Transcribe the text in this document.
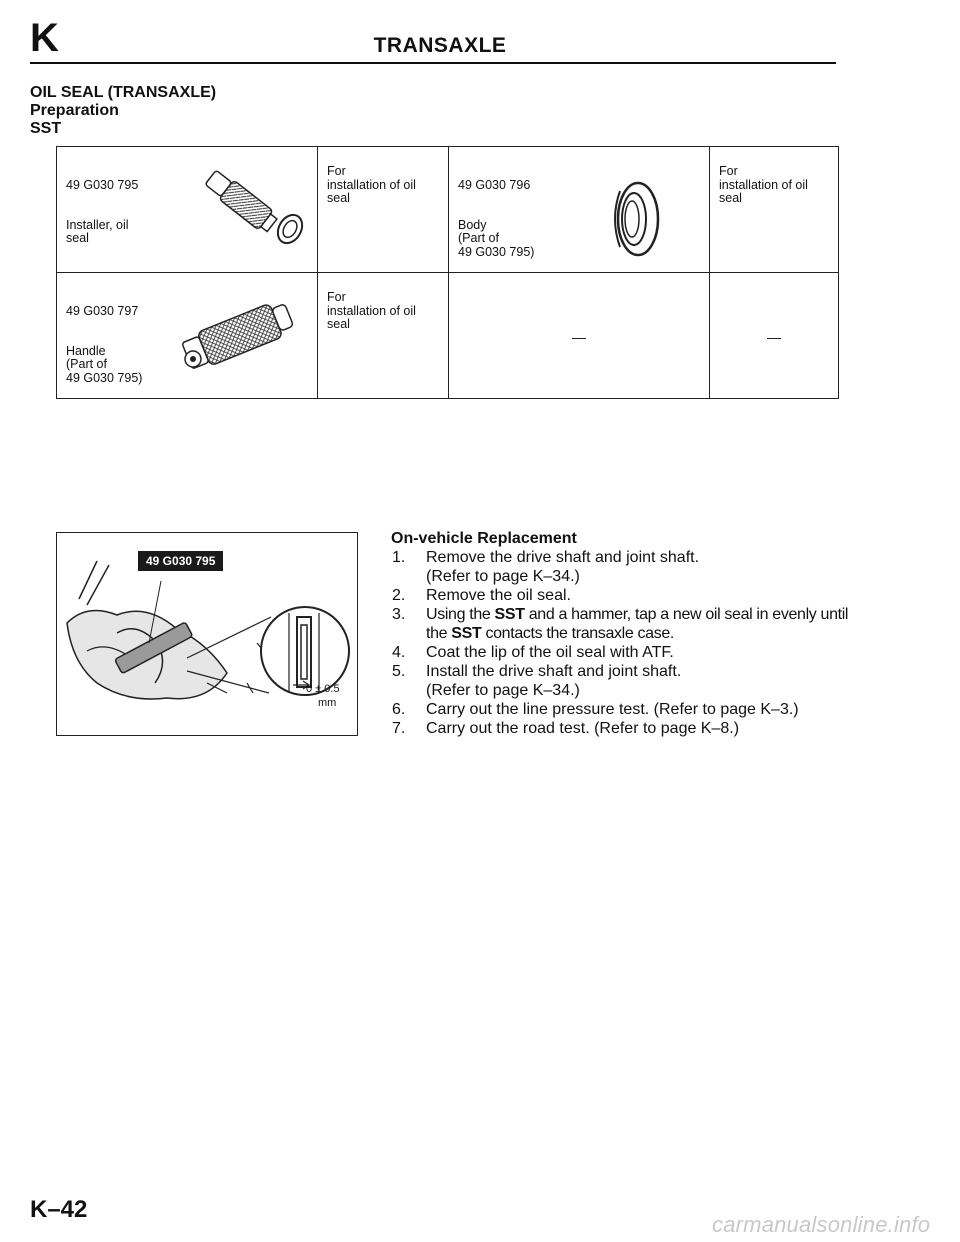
K	TRANSAXLE
OIL SEAL (TRANSAXLE)
Preparation
SST

49 G030 795

Installer, oil
seal	For
installation of oil
seal	49 G030 796

Body
(Part of
49 G030 795)	For
installation of oil
seal

49 G030 797

Handle
(Part of
49 G030 795)	For
installation of oil
seal	—	—
49 G030 795
0 ± 0.5
mm
On-vehicle Replacement
1.	Remove the drive shaft and joint shaft.
(Refer to page K–34.)
2.	Remove the oil seal.
3.	Using the SST and a hammer, tap a new oil seal in evenly until the SST contacts the transaxle case.
4.	Coat the lip of the oil seal with ATF.
5.	Install the drive shaft and joint shaft.
(Refer to page K–34.)
6.	Carry out the line pressure test. (Refer to page K–3.)
7.	Carry out the road test. (Refer to page K–8.)
K–42
carmanualsonline.info
